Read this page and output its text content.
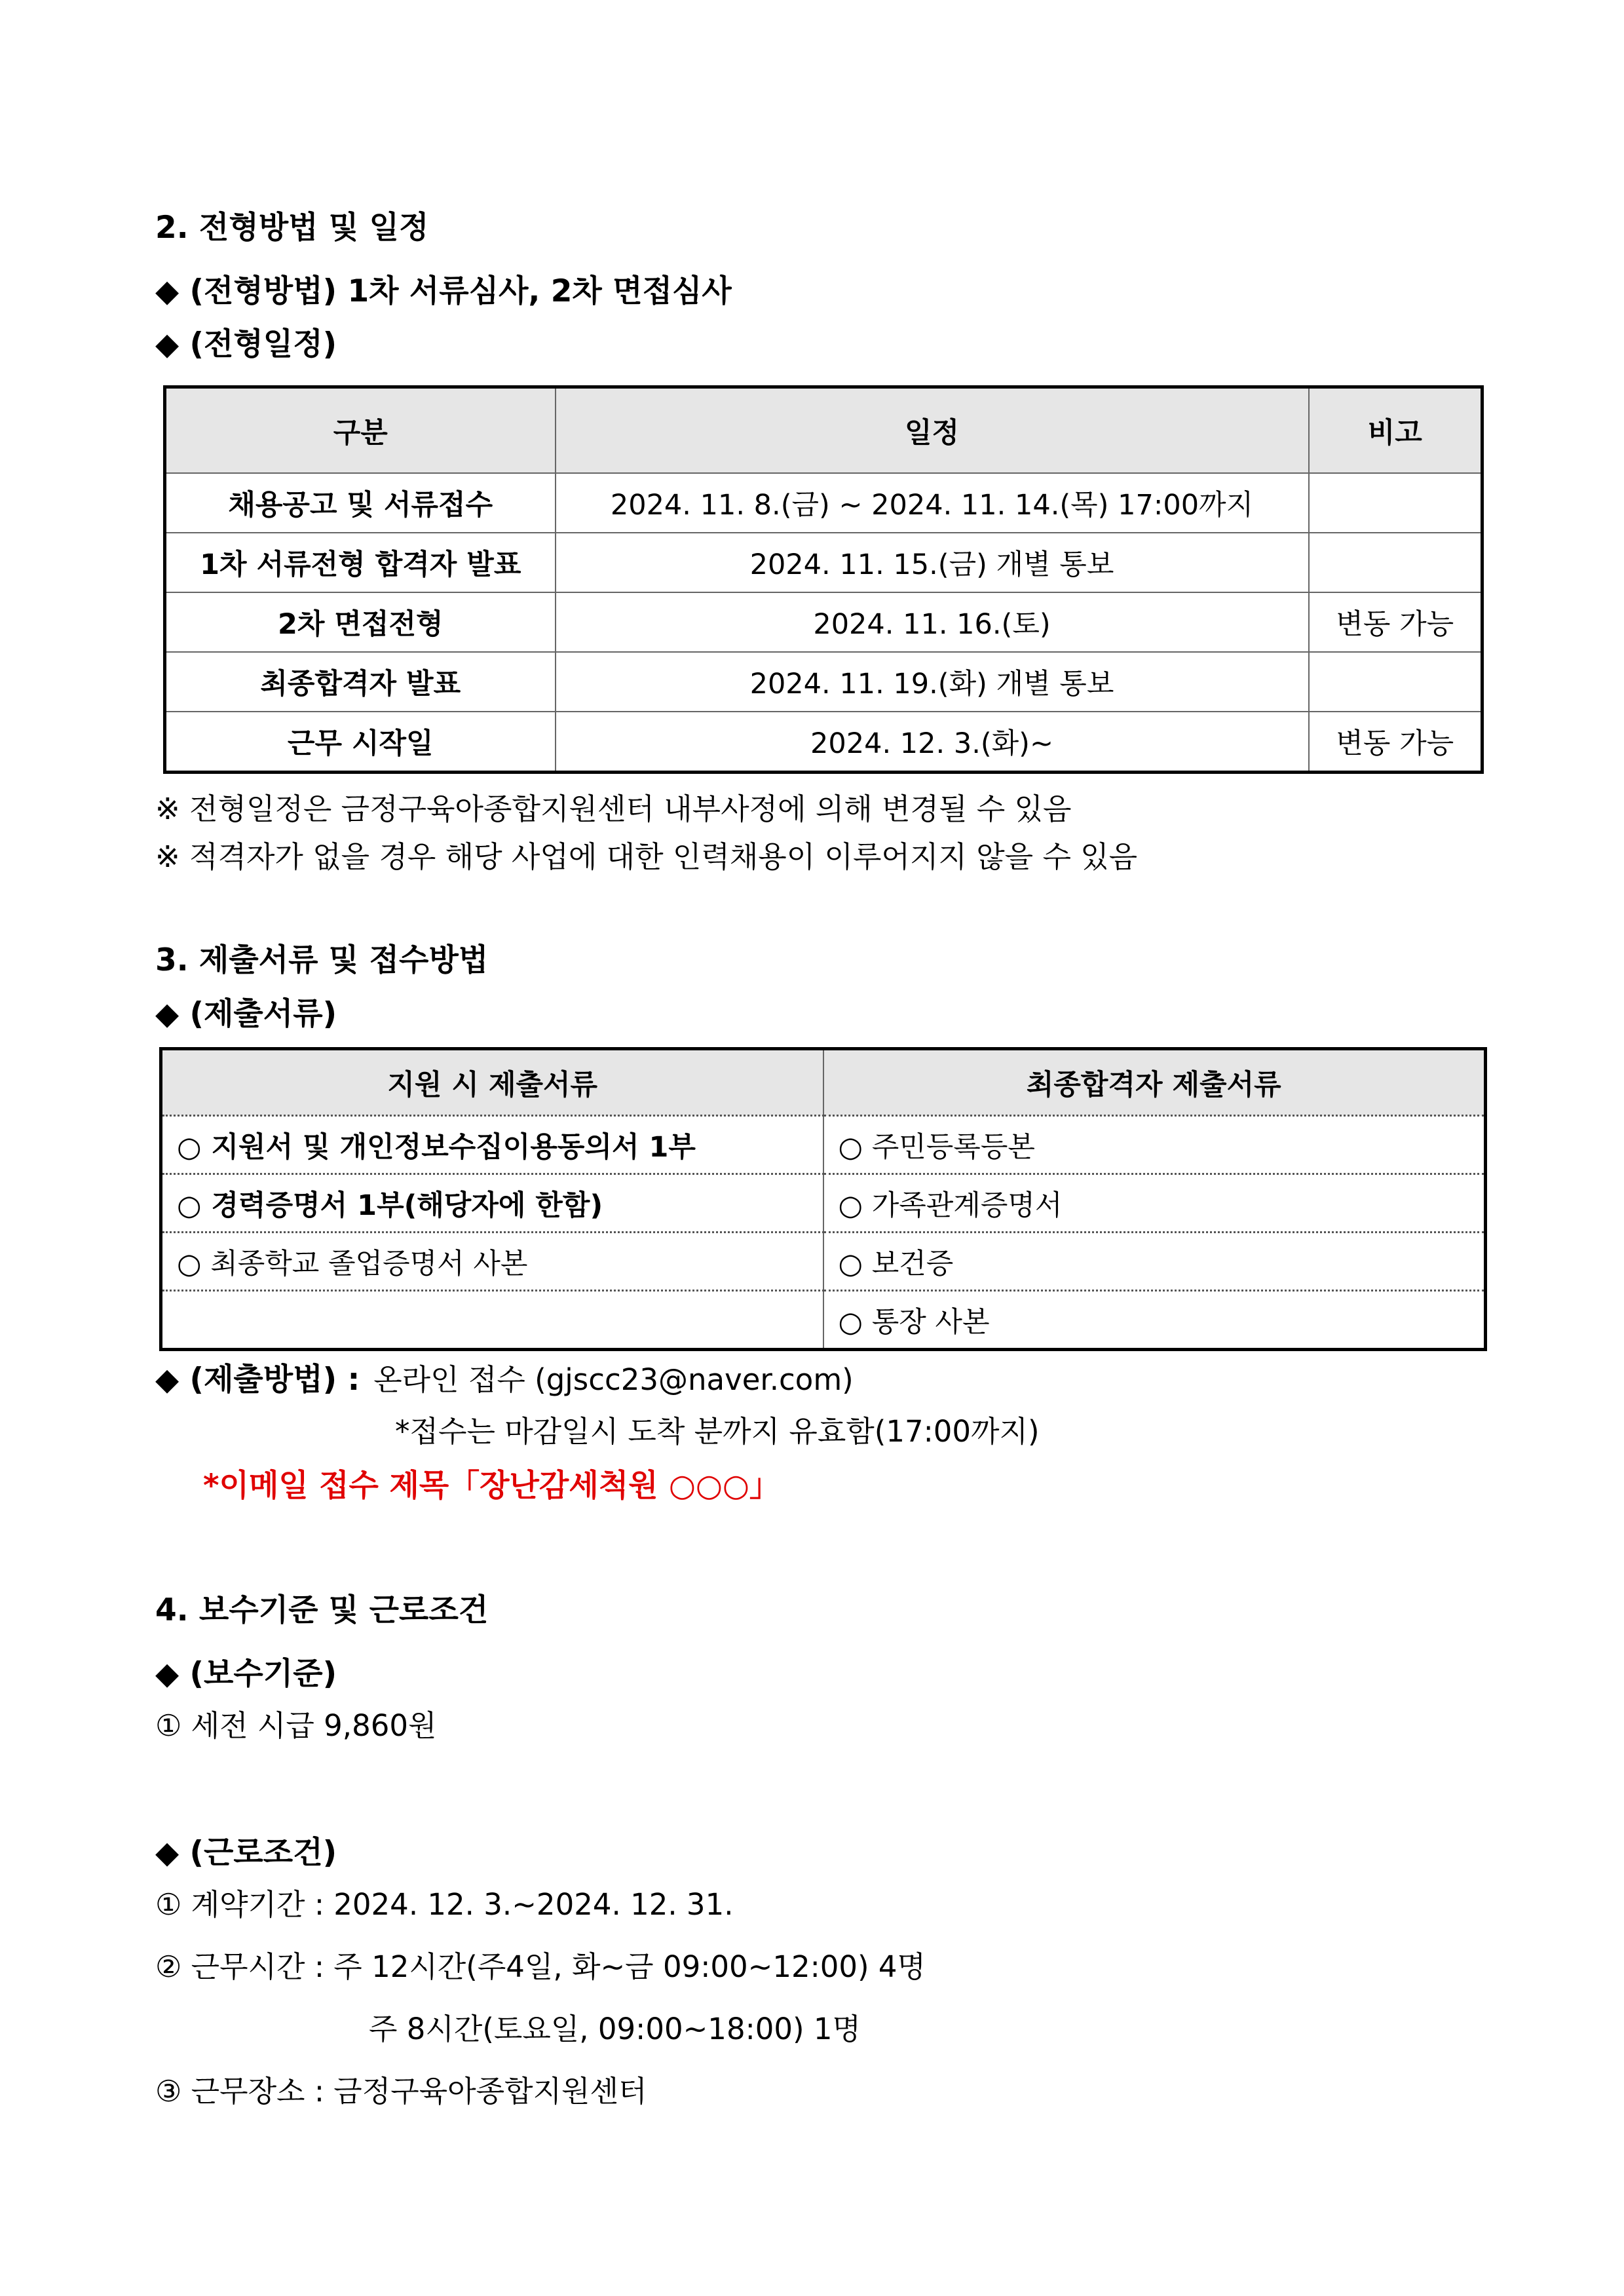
2. 전형방법 및 일정
◆ (전형방법) 1차 서류심사, 2차 면접심사
◆ (전형일정)
구분	일정	비고
채용공고 및 서류접수	2024. 11. 8.(금) ~ 2024. 11. 14.(목) 17:00까지	
1차 서류전형 합격자 발표	2024. 11. 15.(금) 개별 통보	
2차 면접전형	2024. 11. 16.(토)	변동 가능
최종합격자 발표	2024. 11. 19.(화) 개별 통보	
근무 시작일	2024. 12. 3.(화)~	변동 가능
※ 전형일정은 금정구육아종합지원센터 내부사정에 의해 변경될 수 있음
※ 적격자가 없을 경우 해당 사업에 대한 인력채용이 이루어지지 않을 수 있음
3. 제출서류 및 접수방법
◆ (제출서류)
지원 시 제출서류	최종합격자 제출서류
○ 지원서 및 개인정보수집이용동의서 1부	○ 주민등록등본
○ 경력증명서 1부(해당자에 한함)	○ 가족관계증명서
○ 최종학교 졸업증명서 사본	○ 보건증
	○ 통장 사본
◆ (제출방법) : 온라인 접수 (gjscc23@naver.com)
*접수는 마감일시 도착 분까지 유효함(17:00까지)
*이메일 접수 제목「장난감세척원 ○○○」
4. 보수기준 및 근로조건
◆ (보수기준)
① 세전 시급 9,860원
◆ (근로조건)
① 계약기간 : 2024. 12. 3.~2024. 12. 31.
② 근무시간 : 주 12시간(주4일, 화~금 09:00~12:00) 4명
주 8시간(토요일, 09:00~18:00) 1명
③ 근무장소 : 금정구육아종합지원센터
